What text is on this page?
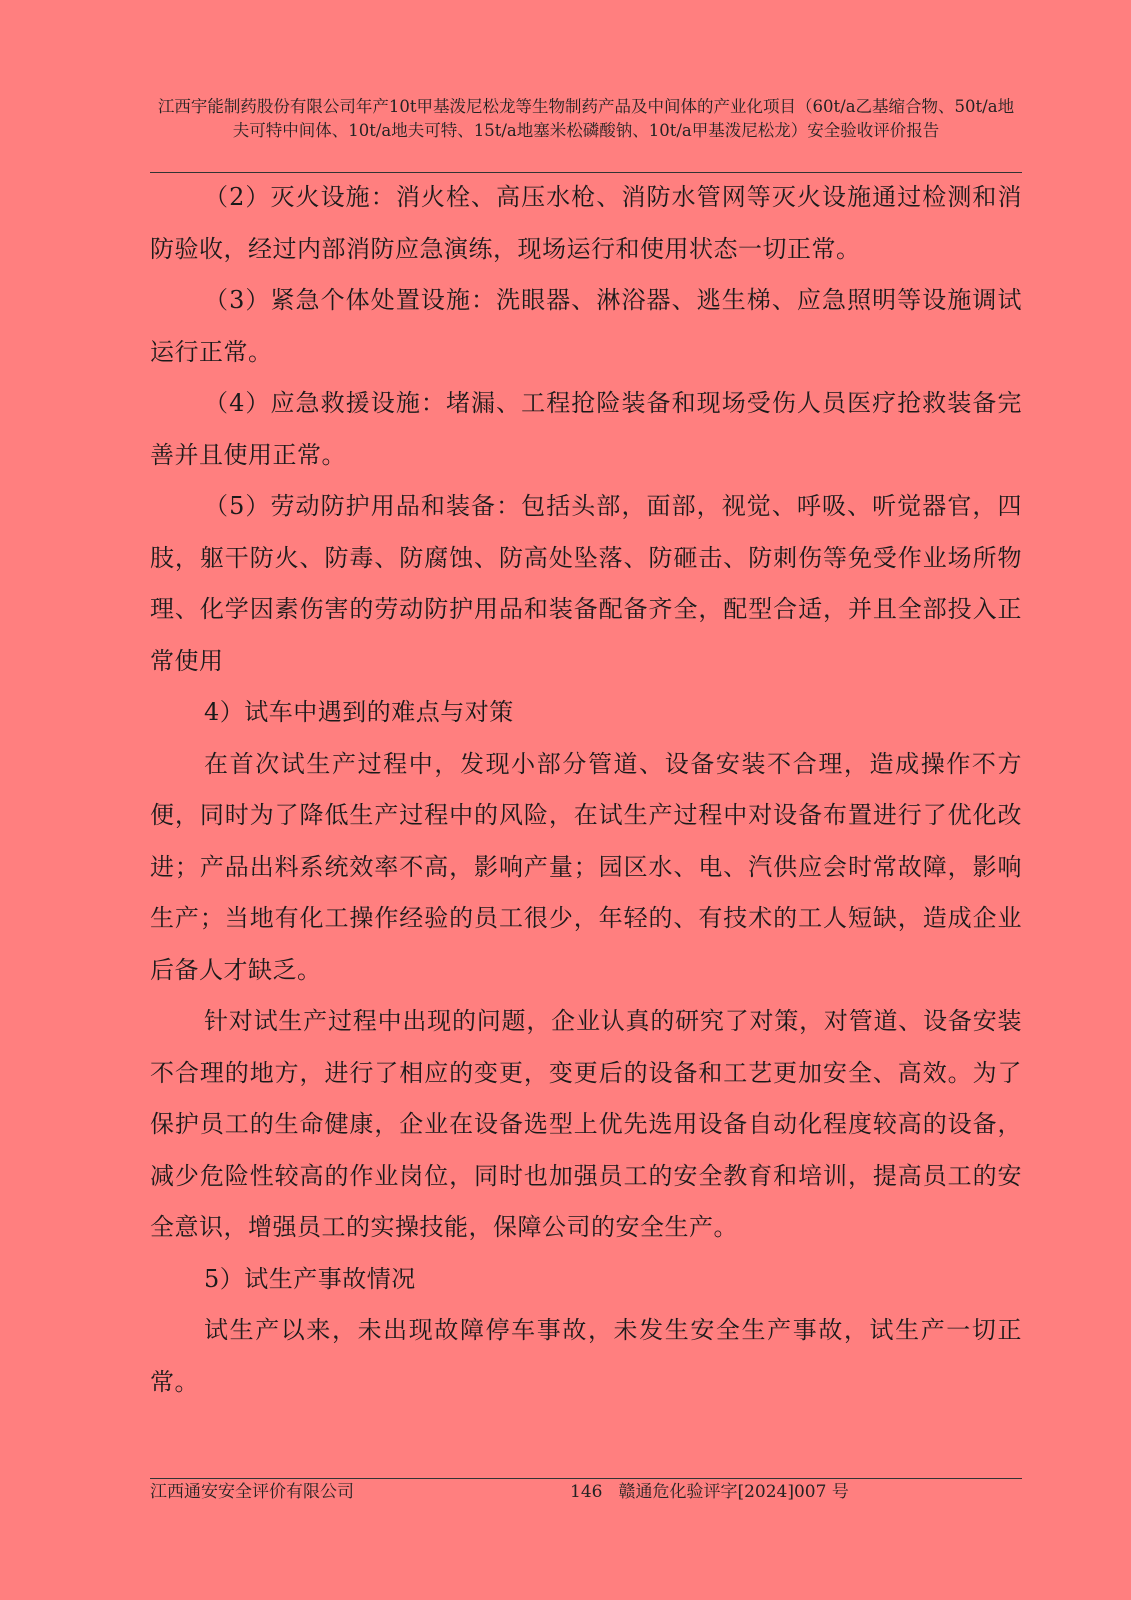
江西宇能制药股份有限公司年产10t甲基泼尼松龙等生物制药产品及中间体的产业化项目（60t/a乙基缩合物、50t/a地夫可特中间体、10t/a地夫可特、15t/a地塞米松磷酸钠、10t/a甲基泼尼松龙）安全验收评价报告

（2）灭火设施：消火栓、高压水枪、消防水管网等灭火设施通过检测和消防验收，经过内部消防应急演练，现场运行和使用状态一切正常。

（3）紧急个体处置设施：洗眼器、淋浴器、逃生梯、应急照明等设施调试运行正常。

（4）应急救援设施：堵漏、工程抢险装备和现场受伤人员医疗抢救装备完善并且使用正常。

（5）劳动防护用品和装备：包括头部，面部，视觉、呼吸、听觉器官，四肢，躯干防火、防毒、防腐蚀、防高处坠落、防砸击、防刺伤等免受作业场所物理、化学因素伤害的劳动防护用品和装备配备齐全，配型合适，并且全部投入正常使用

4）试车中遇到的难点与对策

在首次试生产过程中，发现小部分管道、设备安装不合理，造成操作不方便，同时为了降低生产过程中的风险，在试生产过程中对设备布置进行了优化改进；产品出料系统效率不高，影响产量；园区水、电、汽供应会时常故障，影响生产；当地有化工操作经验的员工很少，年轻的、有技术的工人短缺，造成企业后备人才缺乏。

针对试生产过程中出现的问题，企业认真的研究了对策，对管道、设备安装不合理的地方，进行了相应的变更，变更后的设备和工艺更加安全、高效。为了保护员工的生命健康，企业在设备选型上优先选用设备自动化程度较高的设备，减少危险性较高的作业岗位，同时也加强员工的安全教育和培训，提高员工的安全意识，增强员工的实操技能，保障公司的安全生产。

5）试生产事故情况

试生产以来，未出现故障停车事故，未发生安全生产事故，试生产一切正常。

江西通安安全评价有限公司	146 赣通危化验评字[2024]007 号
